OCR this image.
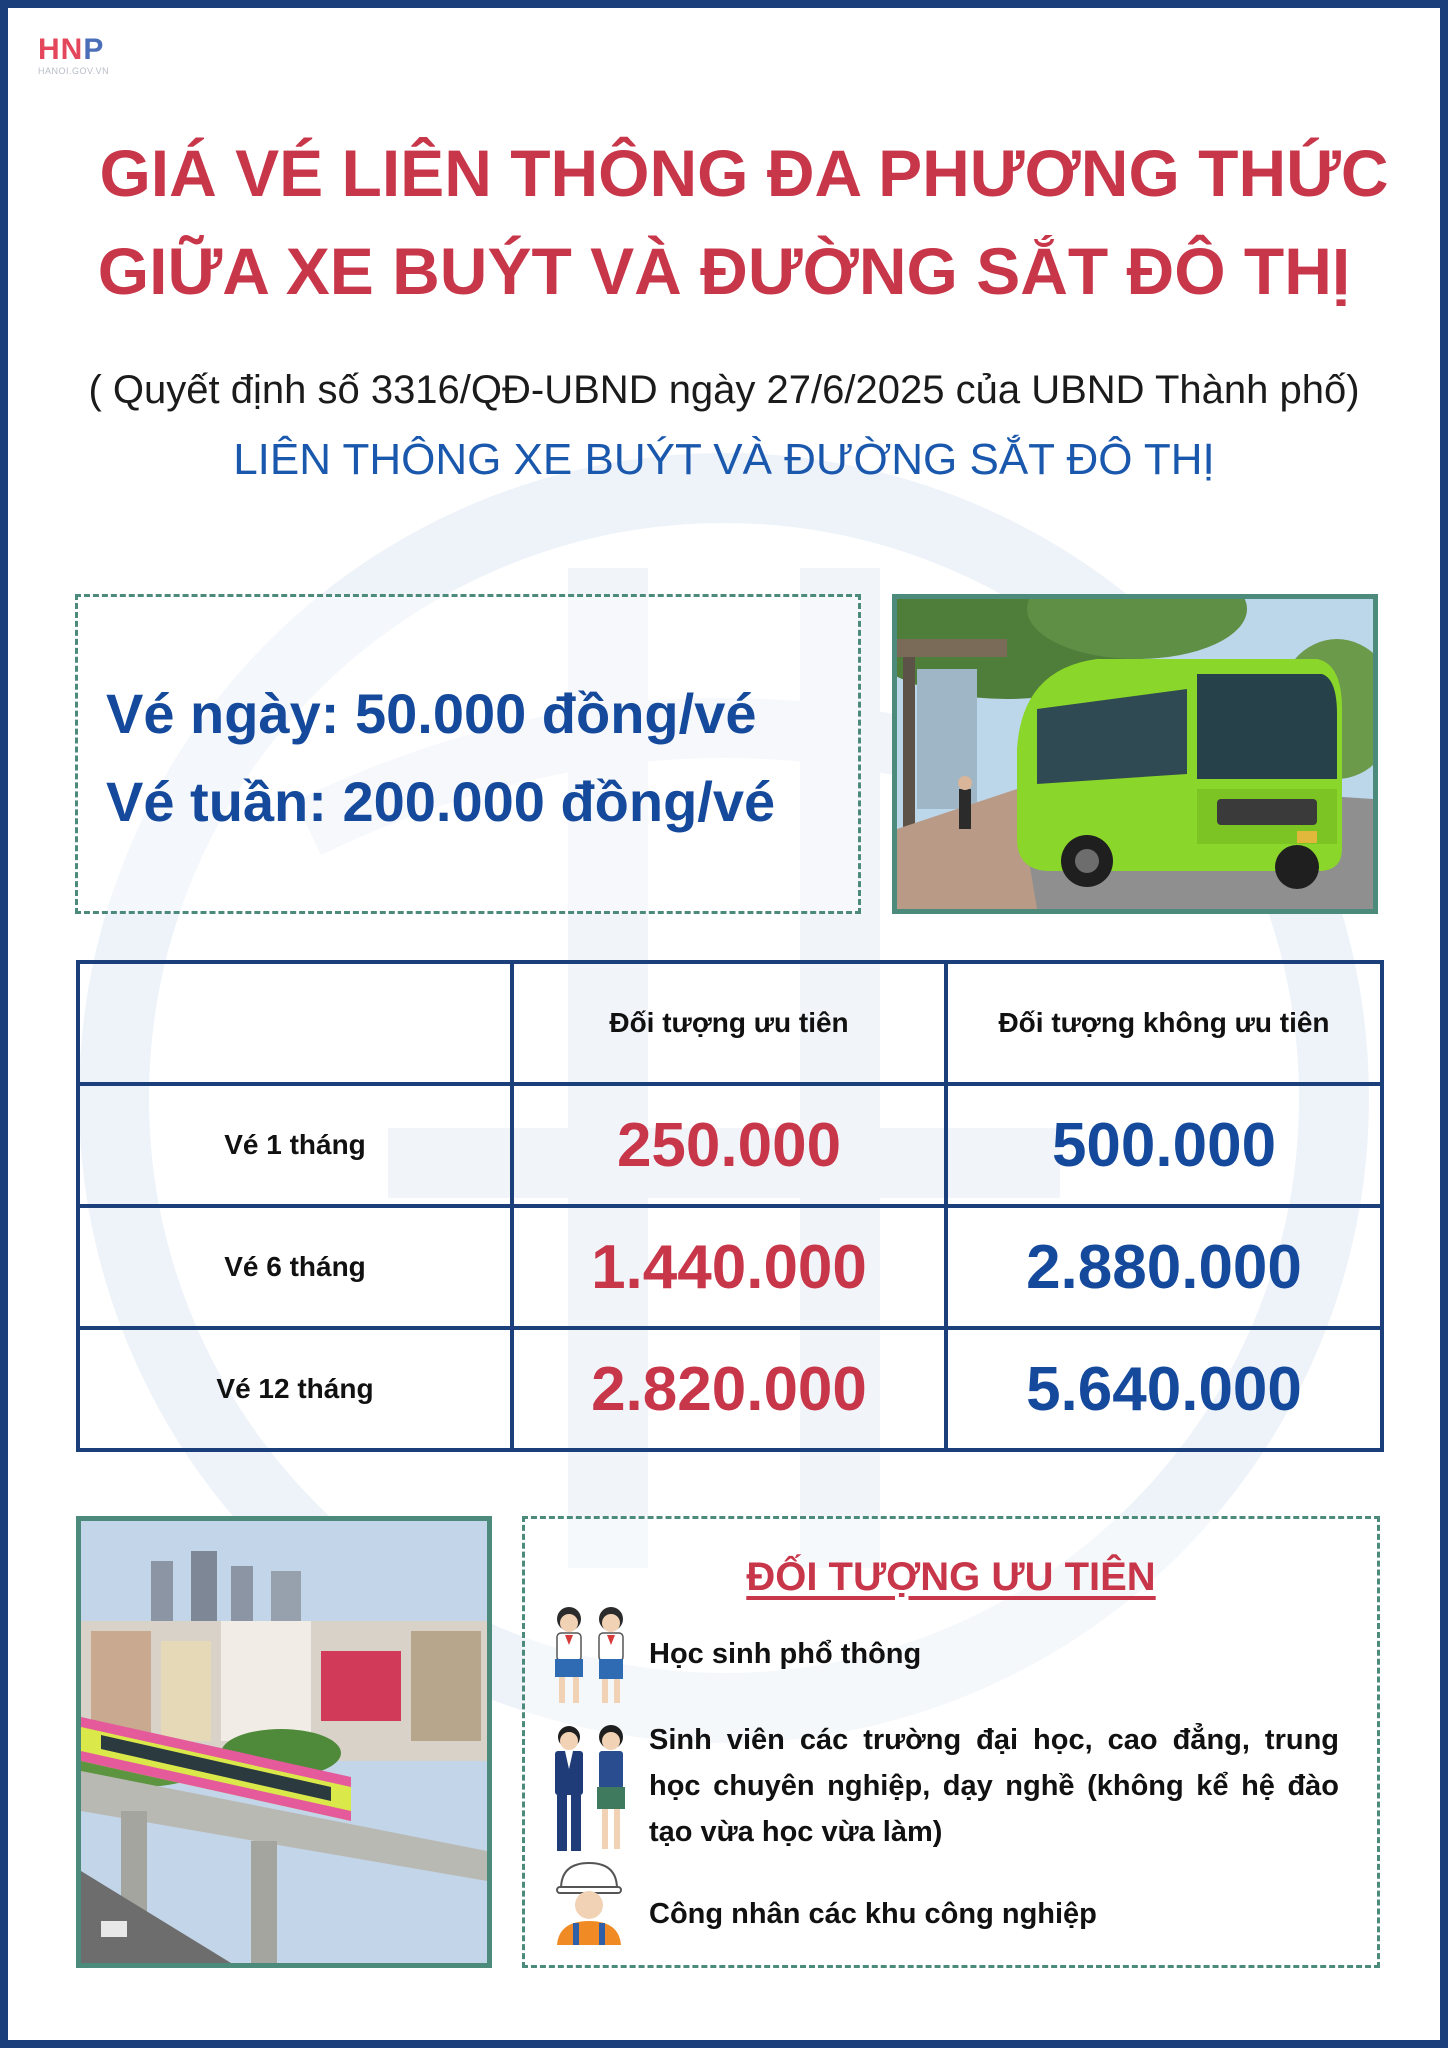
HNP
HANOI.GOV.VN
GIÁ VÉ LIÊN THÔNG ĐA PHƯƠNG THỨC
GIỮA XE BUÝT VÀ ĐƯỜNG SẮT ĐÔ THỊ
( Quyết định số 3316/QĐ-UBND ngày 27/6/2025 của UBND Thành phố)
LIÊN THÔNG XE BUÝT VÀ ĐƯỜNG SẮT ĐÔ THỊ
Vé ngày: 50.000 đồng/vé
Vé tuần: 200.000 đồng/vé
	Đối tượng ưu tiên	Đối tượng không ưu tiên
Vé 1 tháng	250.000	500.000
Vé 6 tháng	1.440.000	2.880.000
Vé 12 tháng	2.820.000	5.640.000
ĐỐI TƯỢNG ƯU TIÊN
Học sinh phổ thông
Sinh viên các trường đại học, cao đẳng, trung học chuyên nghiệp, dạy nghề (không kể hệ đào tạo vừa học vừa làm)
Công nhân các khu công nghiệp
